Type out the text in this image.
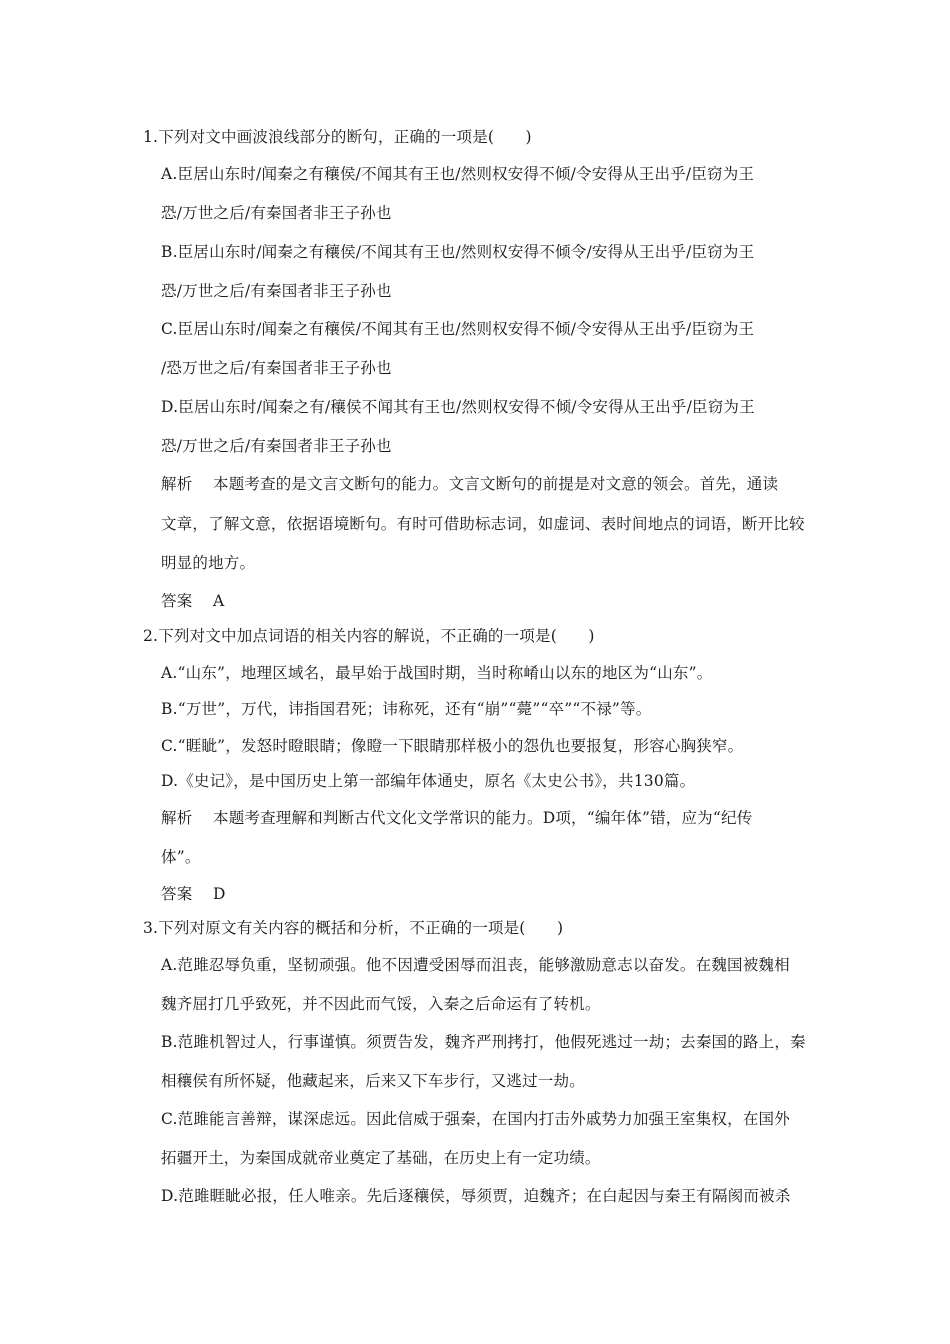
1.下列对文中画波浪线部分的断句，正确的一项是(　　)
A.臣居山东时/闻秦之有穰侯/不闻其有王也/然则权安得不倾/令安得从王出乎/臣窃为王
恐/万世之后/有秦国者非王子孙也
B.臣居山东时/闻秦之有穰侯/不闻其有王也/然则权安得不倾令/安得从王出乎/臣窃为王
恐/万世之后/有秦国者非王子孙也
C.臣居山东时/闻秦之有穰侯/不闻其有王也/然则权安得不倾/令安得从王出乎/臣窃为王
/恐万世之后/有秦国者非王子孙也
D.臣居山东时/闻秦之有/穰侯不闻其有王也/然则权安得不倾/令安得从王出乎/臣窃为王
恐/万世之后/有秦国者非王子孙也
解析 本题考查的是文言文断句的能力。文言文断句的前提是对文意的领会。首先，通读
文章，了解文意，依据语境断句。有时可借助标志词，如虚词、表时间地点的词语，断开比较
明显的地方。
答案 A
2.下列对文中加点词语的相关内容的解说，不正确的一项是(　　)
A.“山东”，地理区域名，最早始于战国时期，当时称崤山以东的地区为“山东”。
B.“万世”，万代，讳指国君死；讳称死，还有“崩”“薨”“卒”“不禄”等。
C.“睚眦”，发怒时瞪眼睛；像瞪一下眼睛那样极小的怨仇也要报复，形容心胸狭窄。
D.《史记》，是中国历史上第一部编年体通史，原名《太史公书》，共130篇。
解析 本题考查理解和判断古代文化文学常识的能力。D项，“编年体”错，应为“纪传
体”。
答案 D
3.下列对原文有关内容的概括和分析，不正确的一项是(　　)
A.范雎忍辱负重，坚韧顽强。他不因遭受困辱而沮丧，能够激励意志以奋发。在魏国被魏相
魏齐屈打几乎致死，并不因此而气馁，入秦之后命运有了转机。
B.范雎机智过人，行事谨慎。须贾告发，魏齐严刑拷打，他假死逃过一劫；去秦国的路上，秦
相穰侯有所怀疑，他藏起来，后来又下车步行，又逃过一劫。
C.范雎能言善辩，谋深虑远。因此信威于强秦，在国内打击外戚势力加强王室集权，在国外
拓疆开土，为秦国成就帝业奠定了基础，在历史上有一定功绩。
D.范雎睚眦必报，任人唯亲。先后逐穰侯，辱须贾，迫魏齐；在白起因与秦王有隔阂而被杀
